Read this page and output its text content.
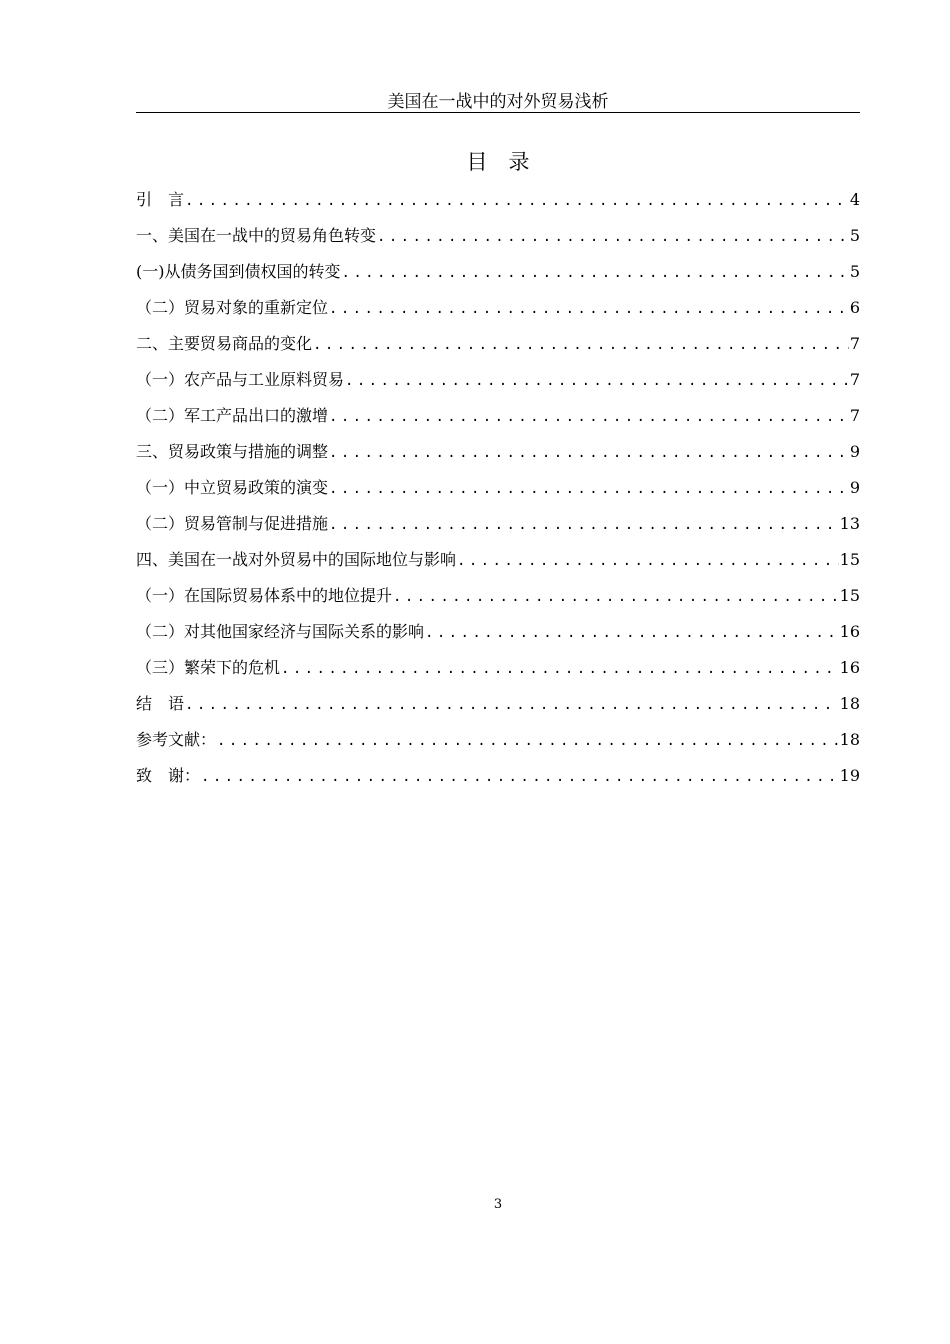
美国在一战中的对外贸易浅析
目　录
引　言 .....	4
一、美国在一战中的贸易角色转变 .....	5
(一)从债务国到债权国的转变 .....	5
（二）贸易对象的重新定位 .....	6
二、主要贸易商品的变化 .....	7
（一）农产品与工业原料贸易 .....	7
（二）军工产品出口的激增 .....	7
三、贸易政策与措施的调整 .....	9
（一）中立贸易政策的演变 .....	9
（二）贸易管制与促进措施 .....	13
四、美国在一战对外贸易中的国际地位与影响 .....	15
（一）在国际贸易体系中的地位提升 .....	15
（二）对其他国家经济与国际关系的影响 .....	16
（三）繁荣下的危机 .....	16
结　语 .....	18
参考文献： .....	18
致　谢： .....	19
3
